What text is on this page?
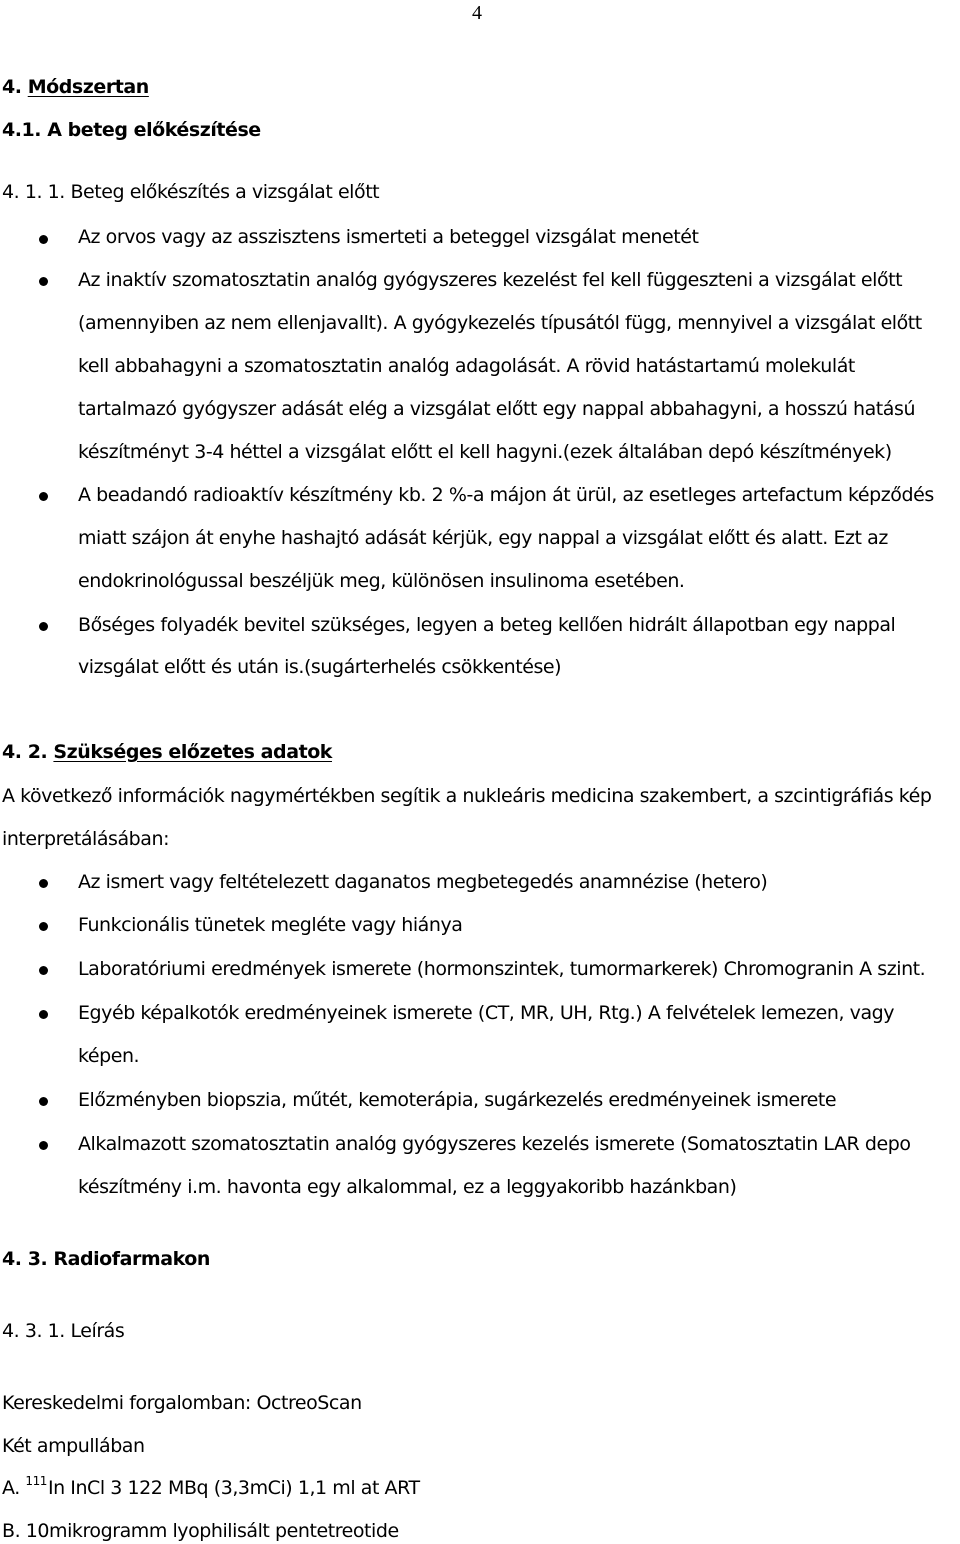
4
4. Módszertan
4.1. A beteg előkészítése
4. 1. 1. Beteg előkészítés a vizsgálat előtt
Az orvos vagy az asszisztens ismerteti a beteggel vizsgálat menetét
Az inaktív szomatosztatin analóg gyógyszeres kezelést fel kell függeszteni a vizsgálat előtt
(amennyiben az nem ellenjavallt). A gyógykezelés típusától függ, mennyivel a vizsgálat előtt
kell abbahagyni a szomatosztatin analóg adagolását. A rövid hatástartamú molekulát
tartalmazó gyógyszer adását elég a vizsgálat előtt egy nappal abbahagyni, a hosszú hatású
készítményt 3-4 héttel a vizsgálat előtt el kell hagyni.(ezek általában depó készítmények)
A beadandó radioaktív készítmény kb. 2 %-a májon át ürül, az esetleges artefactum képződés
miatt szájon át enyhe hashajtó adását kérjük, egy nappal a vizsgálat előtt és alatt. Ezt az
endokrinológussal beszéljük meg, különösen insulinoma esetében.
Bőséges folyadék bevitel szükséges, legyen a beteg kellően hidrált állapotban egy nappal
vizsgálat előtt és után is.(sugárterhelés csökkentése)
4. 2. Szükséges előzetes adatok
A következő információk nagymértékben segítik a nukleáris medicina szakembert, a szcintigráfiás kép
interpretálásában:
Az ismert vagy feltételezett daganatos megbetegedés anamnézise (hetero)
Funkcionális tünetek megléte vagy hiánya
Laboratóriumi eredmények ismerete (hormonszintek, tumormarkerek) Chromogranin A szint.
Egyéb képalkotók eredményeinek ismerete (CT, MR, UH, Rtg.) A felvételek lemezen, vagy
képen.
Előzményben biopszia, műtét, kemoterápia, sugárkezelés eredményeinek ismerete
Alkalmazott szomatosztatin analóg gyógyszeres kezelés ismerete (Somatosztatin LAR depo
készítmény i.m. havonta egy alkalommal, ez a leggyakoribb hazánkban)
4. 3. Radiofarmakon
4. 3. 1. Leírás
Kereskedelmi forgalomban: OctreoScan
Két ampullában
A. $^{111}$In InCl 3 122 MBq (3,3mCi) 1,1 ml at ART
B. 10mikrogramm lyophilisált pentetreotide
